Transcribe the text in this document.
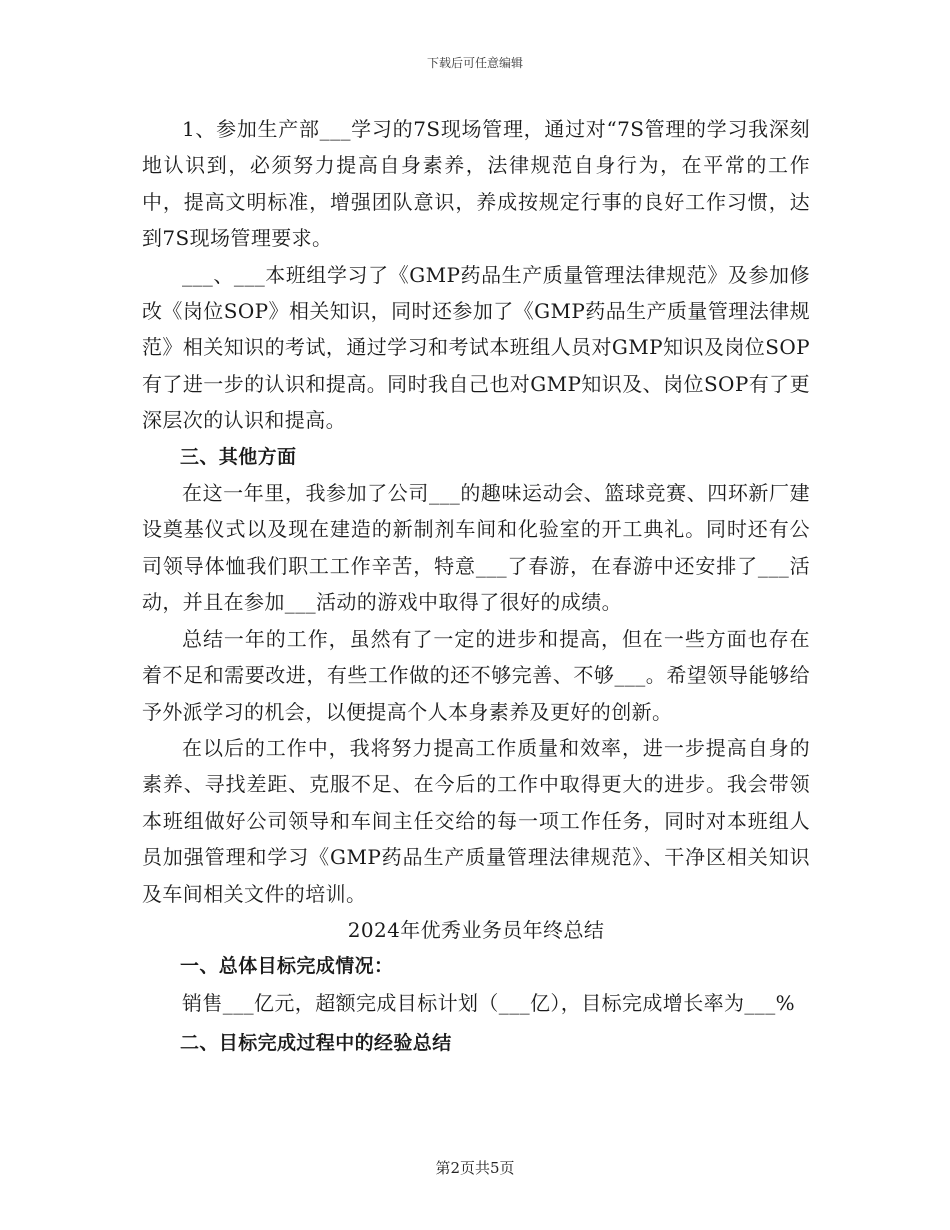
下载后可任意编辑

1、参加生产部___学习的7S现场管理，通过对“7S管理的学习我深刻地认识到，必须努力提高自身素养，法律规范自身行为，在平常的工作中，提高文明标准，增强团队意识，养成按规定行事的良好工作习惯，达到7S现场管理要求。

___、___本班组学习了《GMP药品生产质量管理法律规范》及参加修改《岗位SOP》相关知识，同时还参加了《GMP药品生产质量管理法律规范》相关知识的考试，通过学习和考试本班组人员对GMP知识及岗位SOP有了进一步的认识和提高。同时我自己也对GMP知识及、岗位SOP有了更深层次的认识和提高。

三、其他方面

在这一年里，我参加了公司___的趣味运动会、篮球竞赛、四环新厂建设奠基仪式以及现在建造的新制剂车间和化验室的开工典礼。同时还有公司领导体恤我们职工工作辛苦，特意___了春游，在春游中还安排了___活动，并且在参加___活动的游戏中取得了很好的成绩。

总结一年的工作，虽然有了一定的进步和提高，但在一些方面也存在着不足和需要改进，有些工作做的还不够完善、不够___。希望领导能够给予外派学习的机会，以便提高个人本身素养及更好的创新。

在以后的工作中，我将努力提高工作质量和效率，进一步提高自身的素养、寻找差距、克服不足、在今后的工作中取得更大的进步。我会带领本班组做好公司领导和车间主任交给的每一项工作任务，同时对本班组人员加强管理和学习《GMP药品生产质量管理法律规范》、干净区相关知识及车间相关文件的培训。

2024年优秀业务员年终总结

一、总体目标完成情况：

销售___亿元，超额完成目标计划（___亿），目标完成增长率为___%

二、目标完成过程中的经验总结

第2页共5页
